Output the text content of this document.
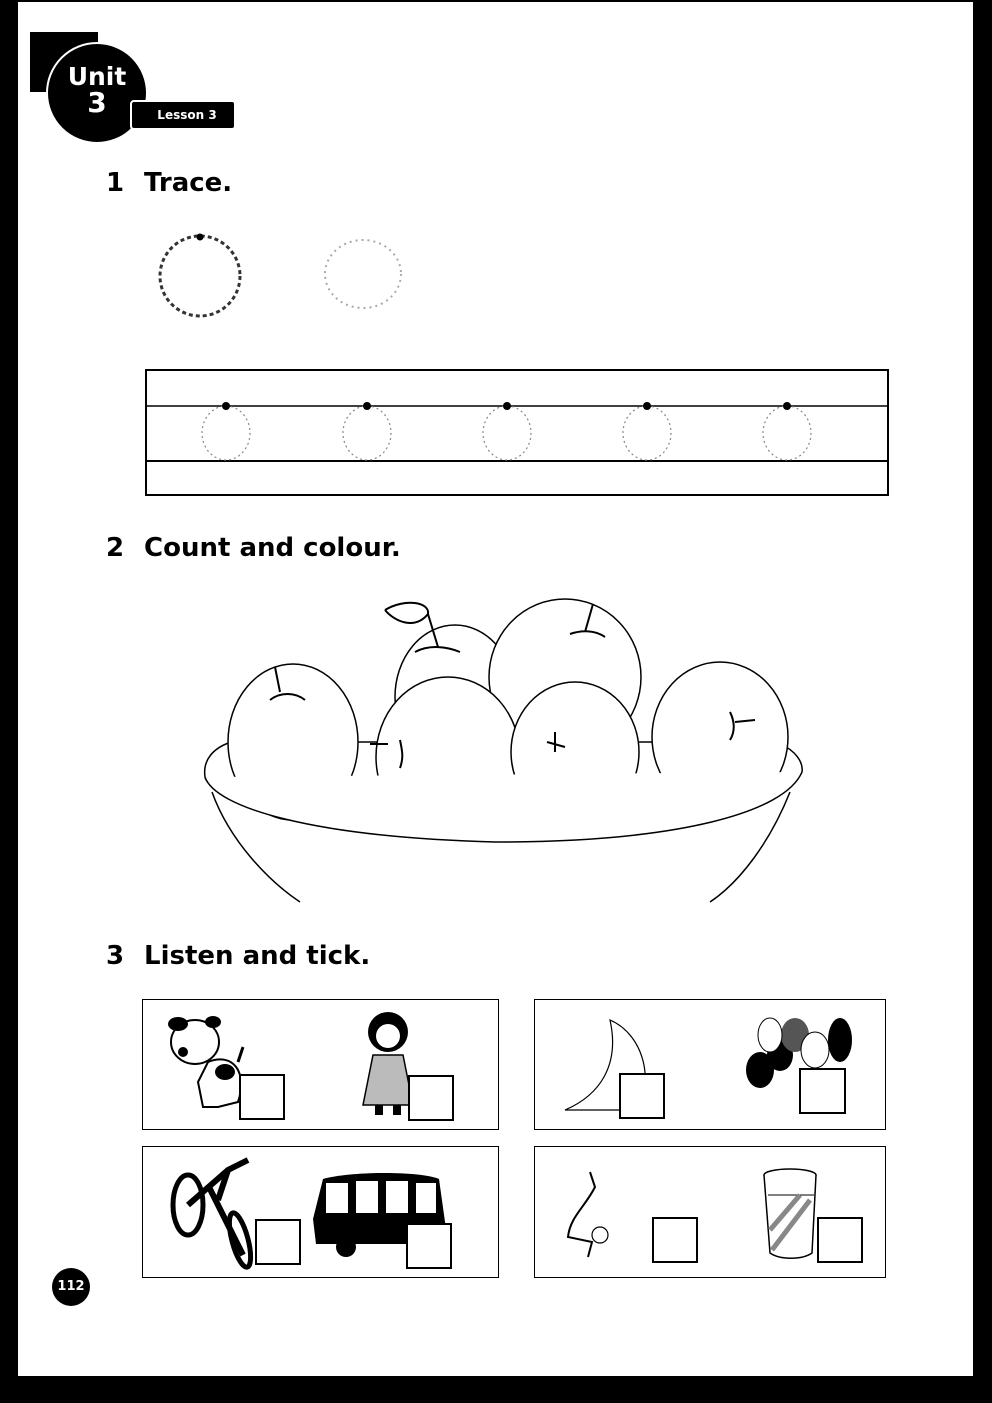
Unit
3	Lesson 3
1 Trace.
2 Count and colour.
3 Listen and tick.
112
